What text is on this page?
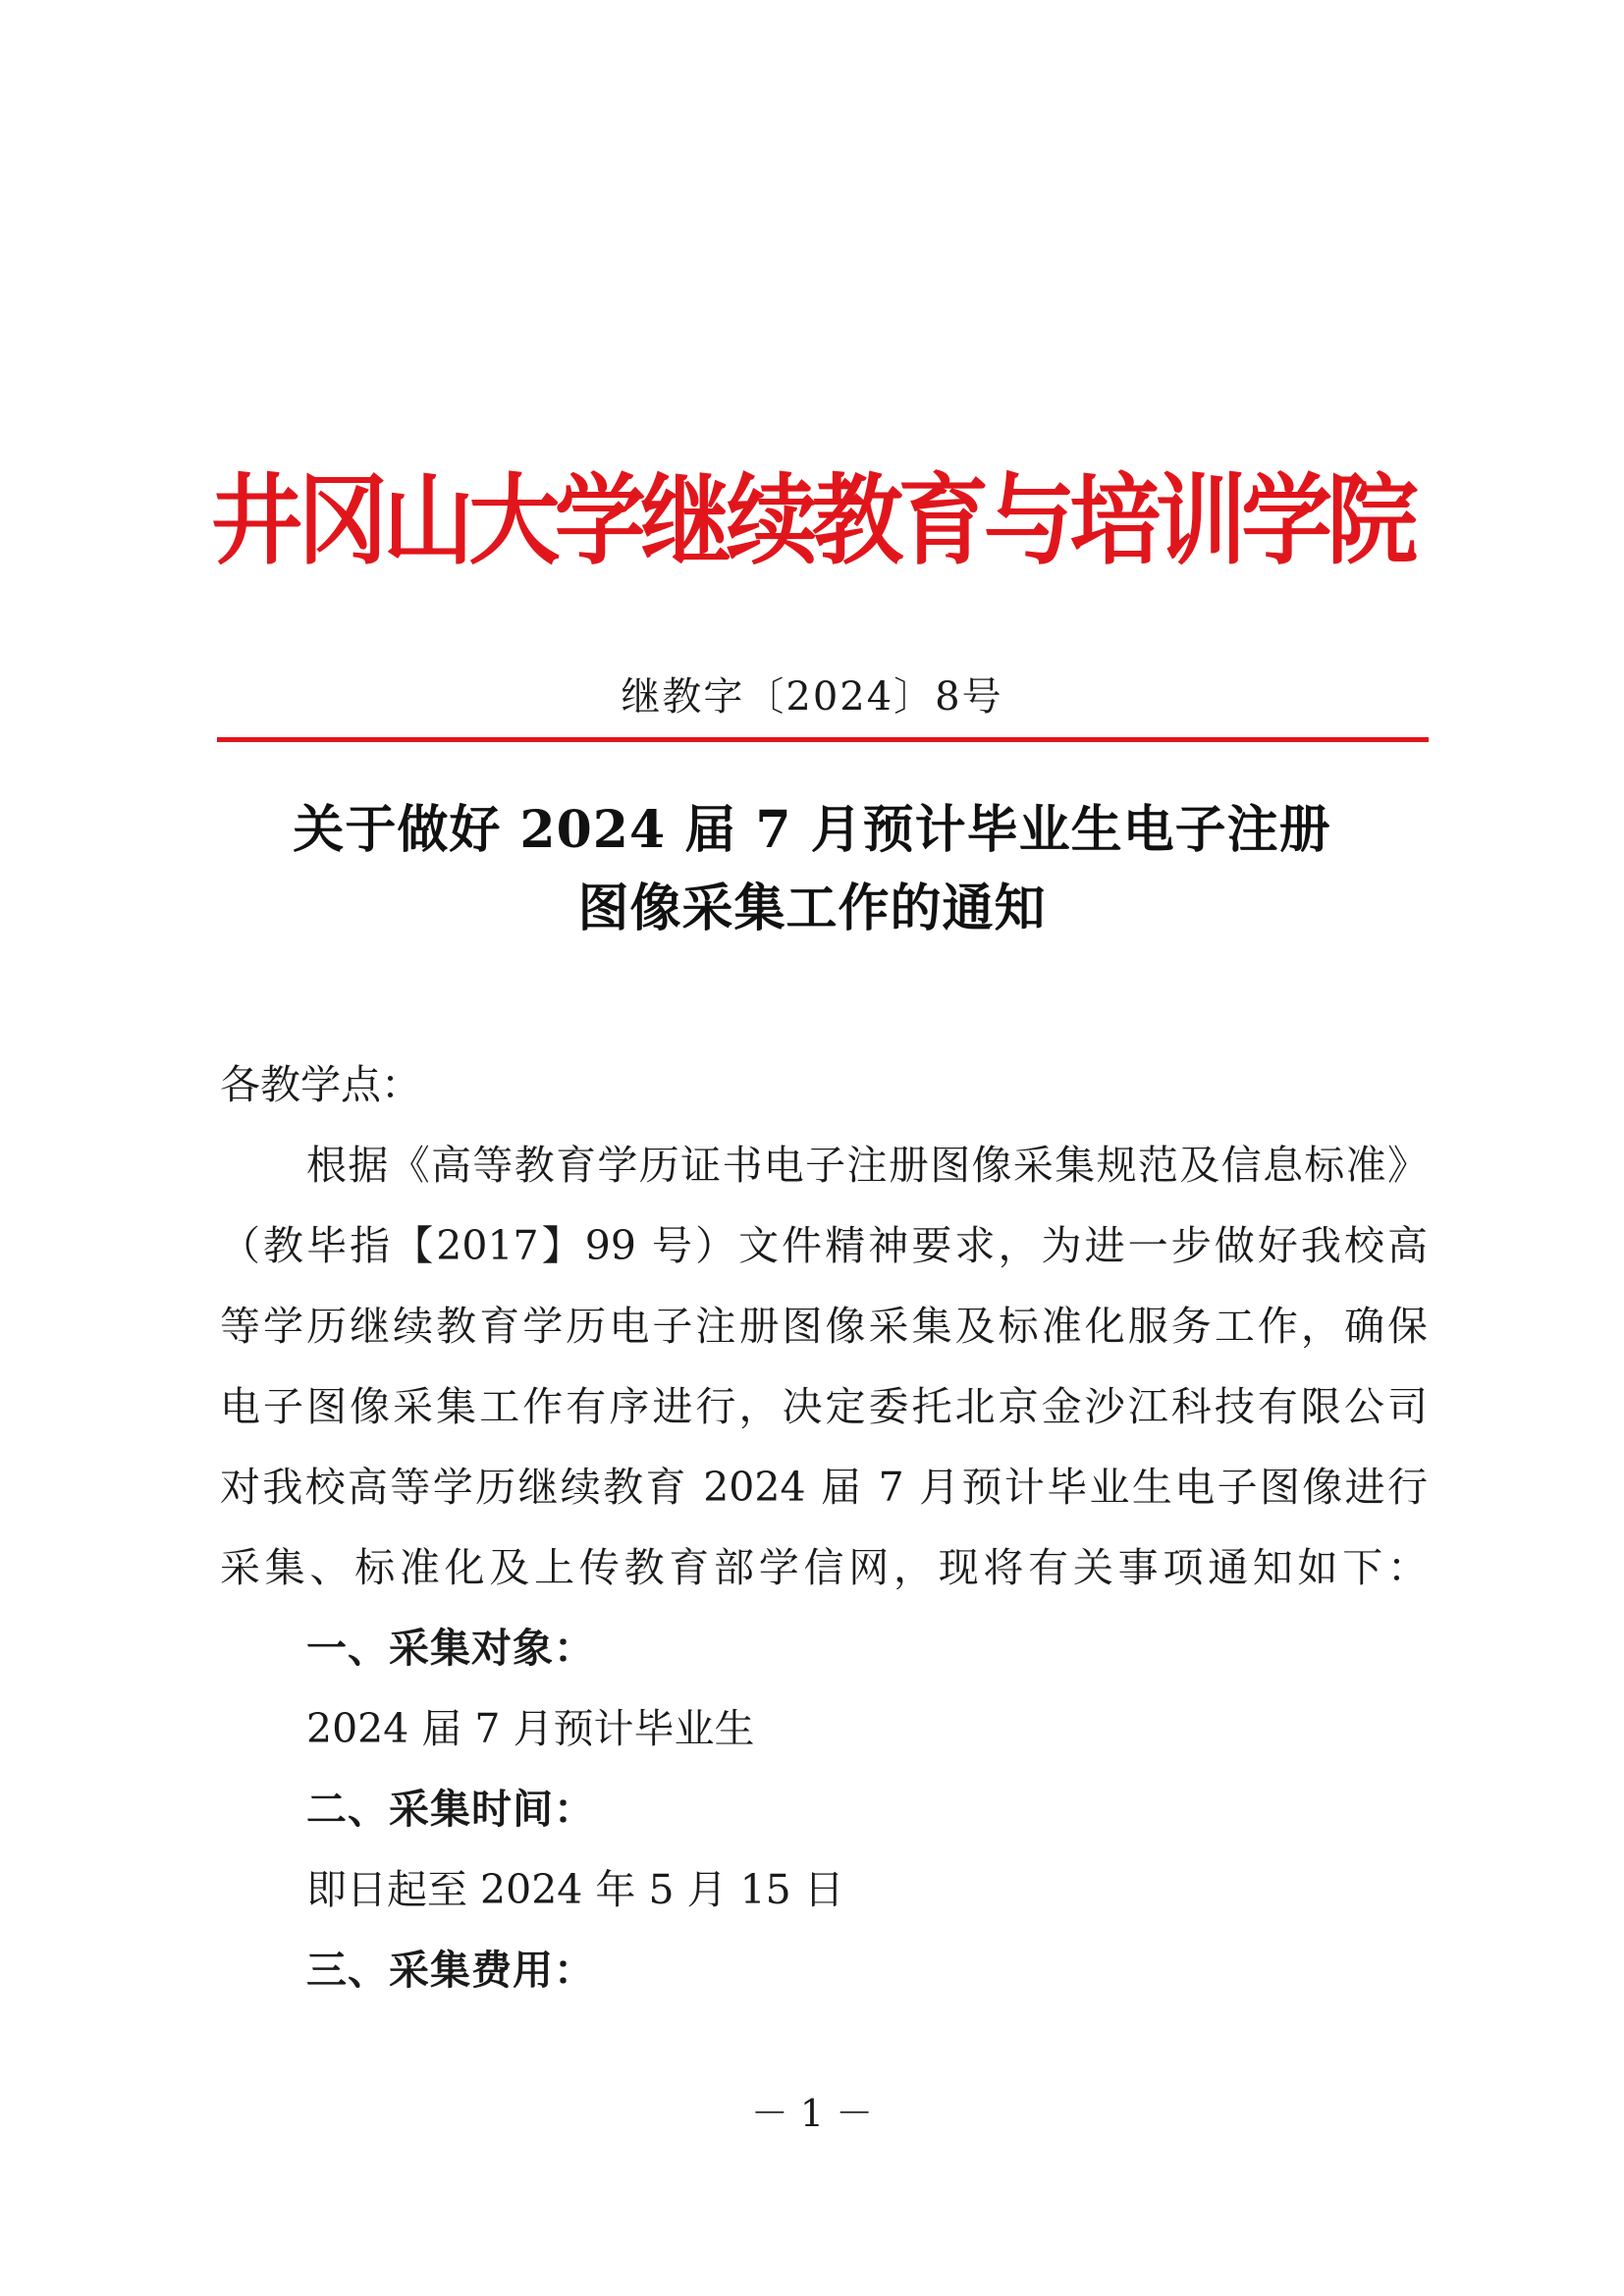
井冈山大学继续教育与培训学院
继教字〔2024〕8号
关于做好 2024 届 7 月预计毕业生电子注册
图像采集工作的通知
各教学点：
根据《高等教育学历证书电子注册图像采集规范及信息标准》
（教毕指【2017】99 号）文件精神要求，为进一步做好我校高
等学历继续教育学历电子注册图像采集及标准化服务工作，确保
电子图像采集工作有序进行，决定委托北京金沙江科技有限公司
对我校高等学历继续教育 2024 届 7 月预计毕业生电子图像进行
采集、标准化及上传教育部学信网，现将有关事项通知如下：
一、采集对象：
2024 届 7 月预计毕业生
二、采集时间：
即日起至 2024 年 5 月 15 日
三、采集费用：
－ 1 －
